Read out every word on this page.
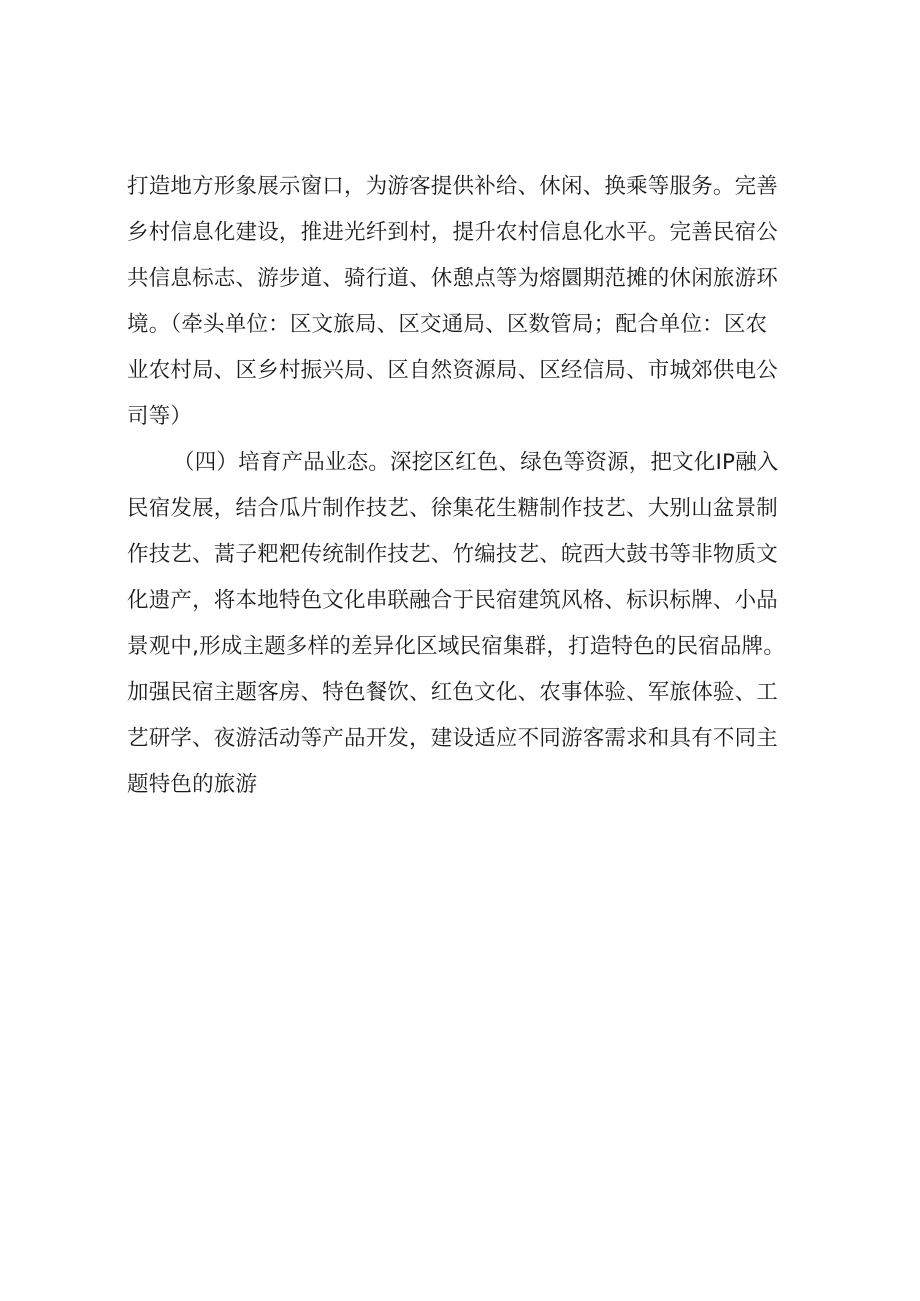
打造地方形象展示窗口，为游客提供补给、休闲、换乘等服务。完善
乡村信息化建设，推进光纤到村，提升农村信息化水平。完善民宿公
共信息标志、游步道、骑行道、休憩点等为熔圜期范摊的休闲旅游环
境。（牵头单位：区文旅局、区交通局、区数管局；配合单位：区农
业农村局、区乡村振兴局、区自然资源局、区经信局、市城郊供电公
司等）
（四）培育产品业态。深挖区红色、绿色等资源，把文化IP融入
民宿发展，结合瓜片制作技艺、徐集花生糖制作技艺、大别山盆景制
作技艺、蒿子粑粑传统制作技艺、竹编技艺、皖西大鼓书等非物质文
化遗产，将本地特色文化串联融合于民宿建筑风格、标识标牌、小品
景观中,形成主题多样的差异化区域民宿集群，打造特色的民宿品牌。
加强民宿主题客房、特色餐饮、红色文化、农事体验、军旅体验、工
艺研学、夜游活动等产品开发，建设适应不同游客需求和具有不同主
题特色的旅游
